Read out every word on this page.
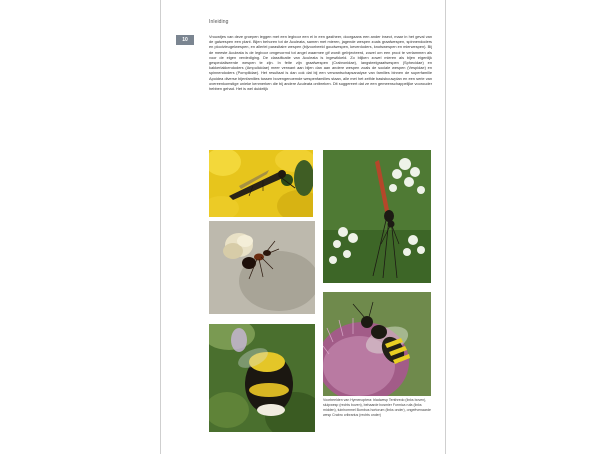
Inleiding
10

Vrouwtjes van deze groepen leggen met een legboor een ei in een gastheer, doorgaans een ander insect, maar in het geval van de galwespen een plant. Bijen behoren tot de Aculeata, samen met mieren, jagende wespen zoals graafwespen, spinnendoders en plooivleugelwespen, en allerlei parasitaire wespen (bijvoorbeeld goudwespen, keverdoders, knotswespen en mierwespen). Bij de meeste Aculeata is de legboor omgevormd tot angel waarmee gif wordt geïnjecteerd, zowel om een prooi te verlammen als voor de eigen verdediging. De classificatie van Aculeata is ingewikkeld. Zo blijken zowel mieren als bijen eigenlijk gespecialiseerde wespen te zijn. In feite zijn graafwespen (Crabronidae), langsteelgraafwespen (Sphecidae) en kakkerlakkendoders (Ampulicidae) meer verwant aan bijen dan aan andere wespen zoals de sociale wespen (Vespidae) en spinnendoders (Pompilidae). Het resultaat is dan ook dat bij een verwantschapsanalyse van families binnen de superfamilie Apoidea diverse bijenfamilies tussen bovengenoemde wespenfamilies staan, alle met het zelfde basisbouwplan en een serie van overeenkomstige unieke kenmerken die bij andere Aculeata ontbreken. Dit suggereert dat ze een gemeenschappelijke voorouder hebben gehad. Het is wel duidelijk

Voorbeelden van Hymenoptera: bladwesp Tenthredo (links boven), sluipwesp (rechts boven), behaarde bosmier Formica rufa (links midden), tuinhommel Bombus hortorum (links onder), ongeëvenaarde wesp Crabro cribrarius (rechts onder)
